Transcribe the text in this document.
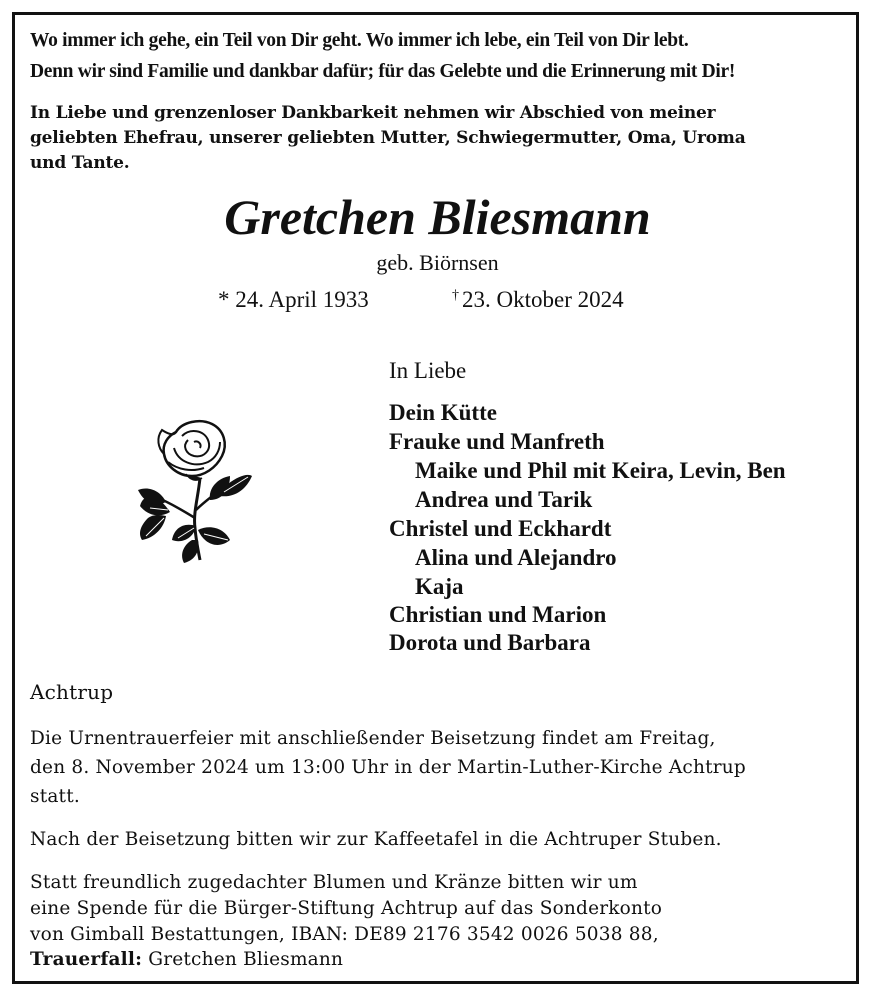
Wo immer ich gehe, ein Teil von Dir geht. Wo immer ich lebe, ein Teil von Dir lebt.
Denn wir sind Familie und dankbar dafür; für das Gelebte und die Erinnerung mit Dir!
In Liebe und grenzenloser Dankbarkeit nehmen wir Abschied von meiner
geliebten Ehefrau, unserer geliebten Mutter, Schwiegermutter, Oma, Uroma
und Tante.
Gretchen Bliesmann
geb. Biörnsen
* 24. April 1933	† 23. Oktober 2024
In Liebe
Dein Kütte
Frauke und Manfreth
Maike und Phil mit Keira, Levin, Ben
Andrea und Tarik
Christel und Eckhardt
Alina und Alejandro
Kaja
Christian und Marion
Dorota und Barbara
Achtrup
Die Urnentrauerfeier mit anschließender Beisetzung findet am Freitag,
den 8. November 2024 um 13:00 Uhr in der Martin-Luther-Kirche Achtrup
statt.
Nach der Beisetzung bitten wir zur Kaffeetafel in die Achtruper Stuben.
Statt freundlich zugedachter Blumen und Kränze bitten wir um
eine Spende für die Bürger-Stiftung Achtrup auf das Sonderkonto
von Gimball Bestattungen, IBAN: DE89 2176 3542 0026 5038 88,
Trauerfall: Gretchen Bliesmann
